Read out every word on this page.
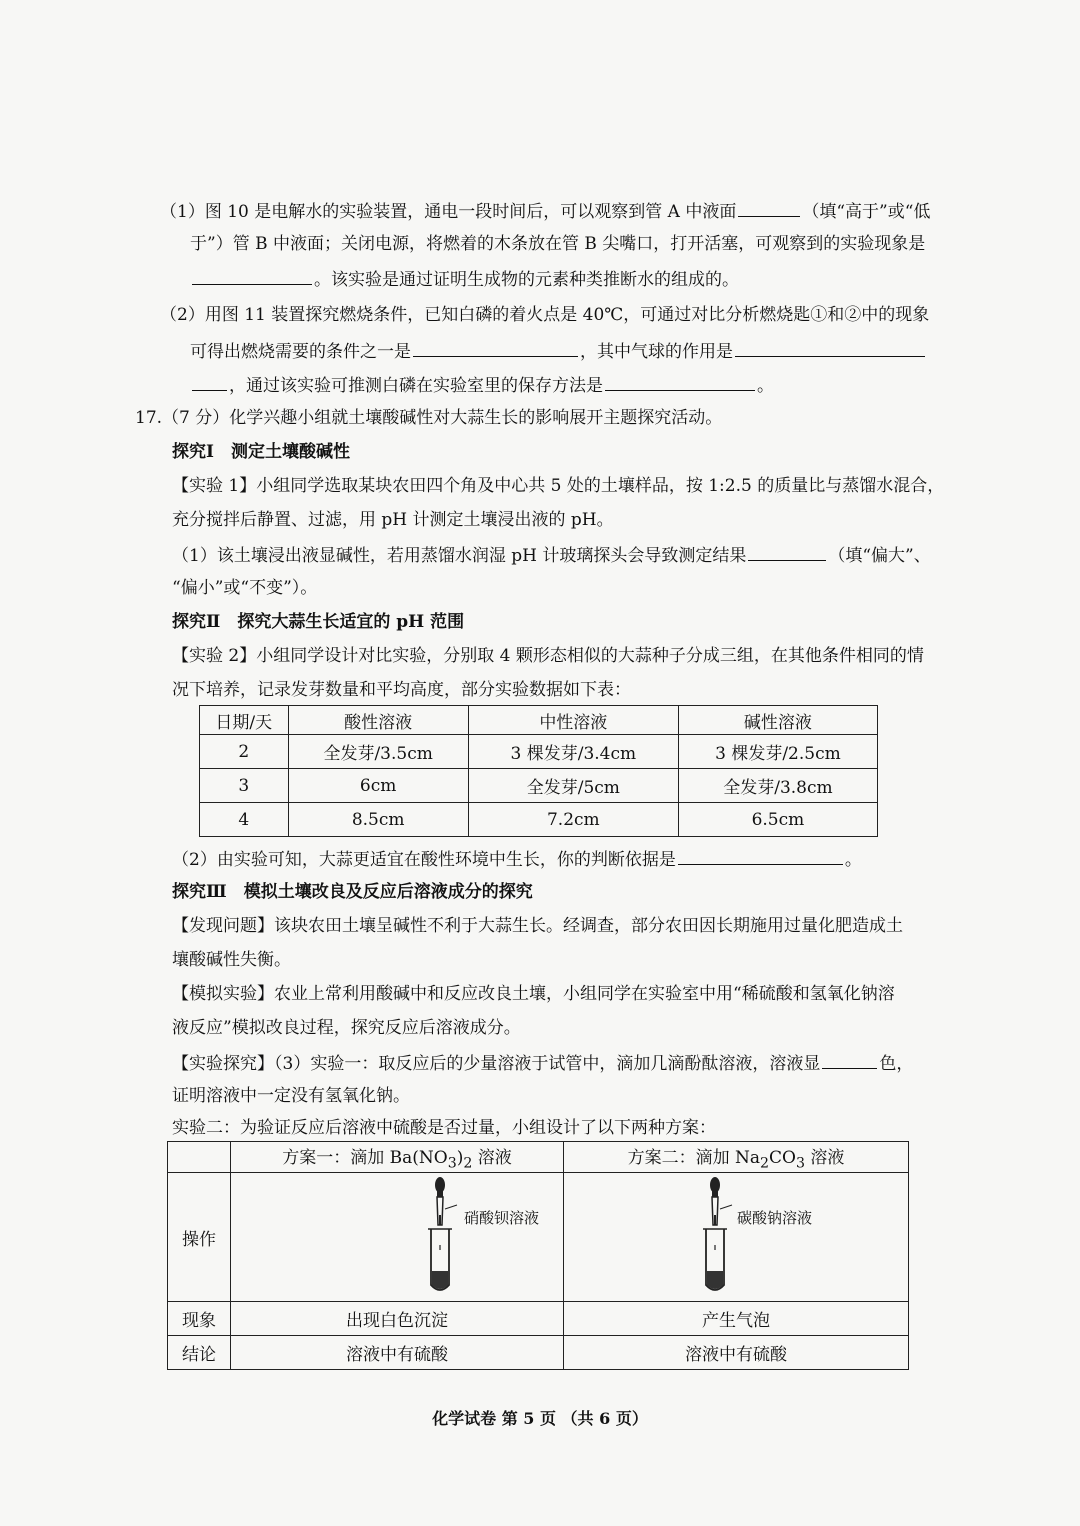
（1）图 10 是电解水的实验装置，通电一段时间后，可以观察到管 A 中液面	（填“高于”或“低
于”）管 B 中液面；关闭电源，将燃着的木条放在管 B 尖嘴口，打开活塞，可观察到的实验现象是
。该实验是通过证明生成物的元素种类推断水的组成的。
（2）用图 11 装置探究燃烧条件，已知白磷的着火点是 40℃，可通过对比分析燃烧匙①和②中的现象
可得出燃烧需要的条件之一是	，其中气球的作用是
，通过该实验可推测白磷在实验室里的保存方法是	。
17.（7 分）化学兴趣小组就土壤酸碱性对大蒜生长的影响展开主题探究活动。
探究Ⅰ　测定土壤酸碱性
【实验 1】小组同学选取某块农田四个角及中心共 5 处的土壤样品，按 1:2.5 的质量比与蒸馏水混合，
充分搅拌后静置、过滤，用 pH 计测定土壤浸出液的 pH。
（1）该土壤浸出液显碱性，若用蒸馏水润湿 pH 计玻璃探头会导致测定结果	（填“偏大”、
“偏小”或“不变”）。
探究Ⅱ　探究大蒜生长适宜的 pH 范围
【实验 2】小组同学设计对比实验，分别取 4 颗形态相似的大蒜种子分成三组，在其他条件相同的情
况下培养，记录发芽数量和平均高度，部分实验数据如下表：
日期/天	酸性溶液	中性溶液	碱性溶液
2	全发芽/3.5cm	3 棵发芽/3.4cm	3 棵发芽/2.5cm
3	6cm	全发芽/5cm	全发芽/3.8cm
4	8.5cm	7.2cm	6.5cm
（2）由实验可知，大蒜更适宜在酸性环境中生长，你的判断依据是	。
探究Ⅲ　模拟土壤改良及反应后溶液成分的探究
【发现问题】该块农田土壤呈碱性不利于大蒜生长。经调查，部分农田因长期施用过量化肥造成土
壤酸碱性失衡。
【模拟实验】农业上常利用酸碱中和反应改良土壤，小组同学在实验室中用“稀硫酸和氢氧化钠溶
液反应”模拟改良过程，探究反应后溶液成分。
【实验探究】（3）实验一：取反应后的少量溶液于试管中，滴加几滴酚酞溶液，溶液显	色，
证明溶液中一定没有氢氧化钠。
实验二：为验证反应后溶液中硫酸是否过量，小组设计了以下两种方案：
	方案一：滴加 $Ba(NO_3)_2$ 溶液	方案二：滴加 $Na_2CO_3$ 溶液
操作	硝酸钡溶液	碳酸钠溶液

现象	出现白色沉淀	产生气泡
结论	溶液中有硫酸	溶液中有硫酸
化学试卷 第 5 页 （共 6 页）
